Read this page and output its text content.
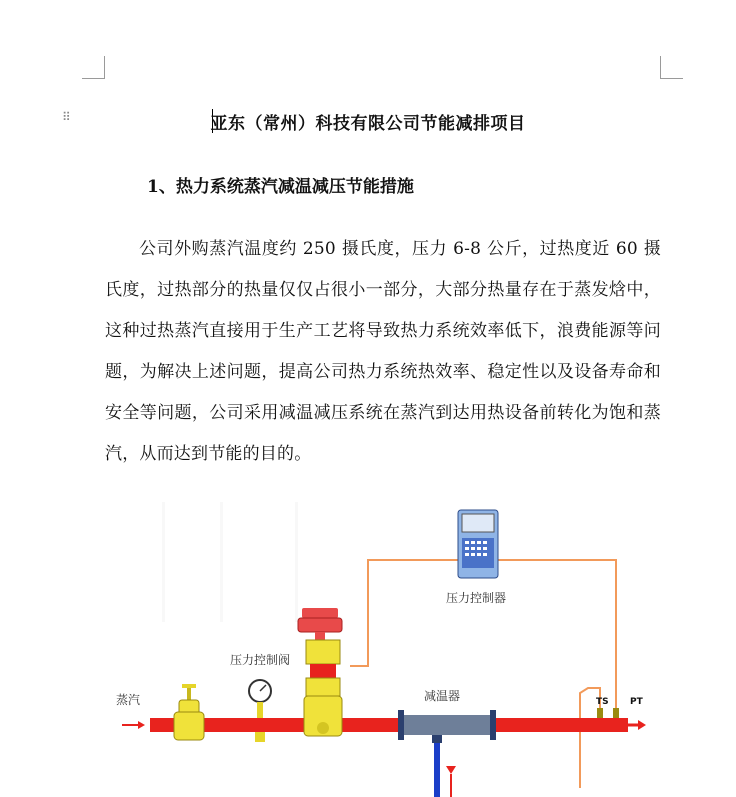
⠿	亚东（常州）科技有限公司节能减排项目
1、热力系统蒸汽减温减压节能措施
公司外购蒸汽温度约 250 摄氏度，压力 6-8 公斤，过热度近 60 摄氏度，过热部分的热量仅仅占很小一部分，大部分热量存在于蒸发焓中，这种过热蒸汽直接用于生产工艺将导致热力系统效率低下，浪费能源等问题，为解决上述问题，提高公司热力系统热效率、稳定性以及设备寿命和安全等问题，公司采用减温减压系统在蒸汽到达用热设备前转化为饱和蒸汽，从而达到节能的目的。
压力控制器
蒸汽
压力控制阀
减温器	TS PT
